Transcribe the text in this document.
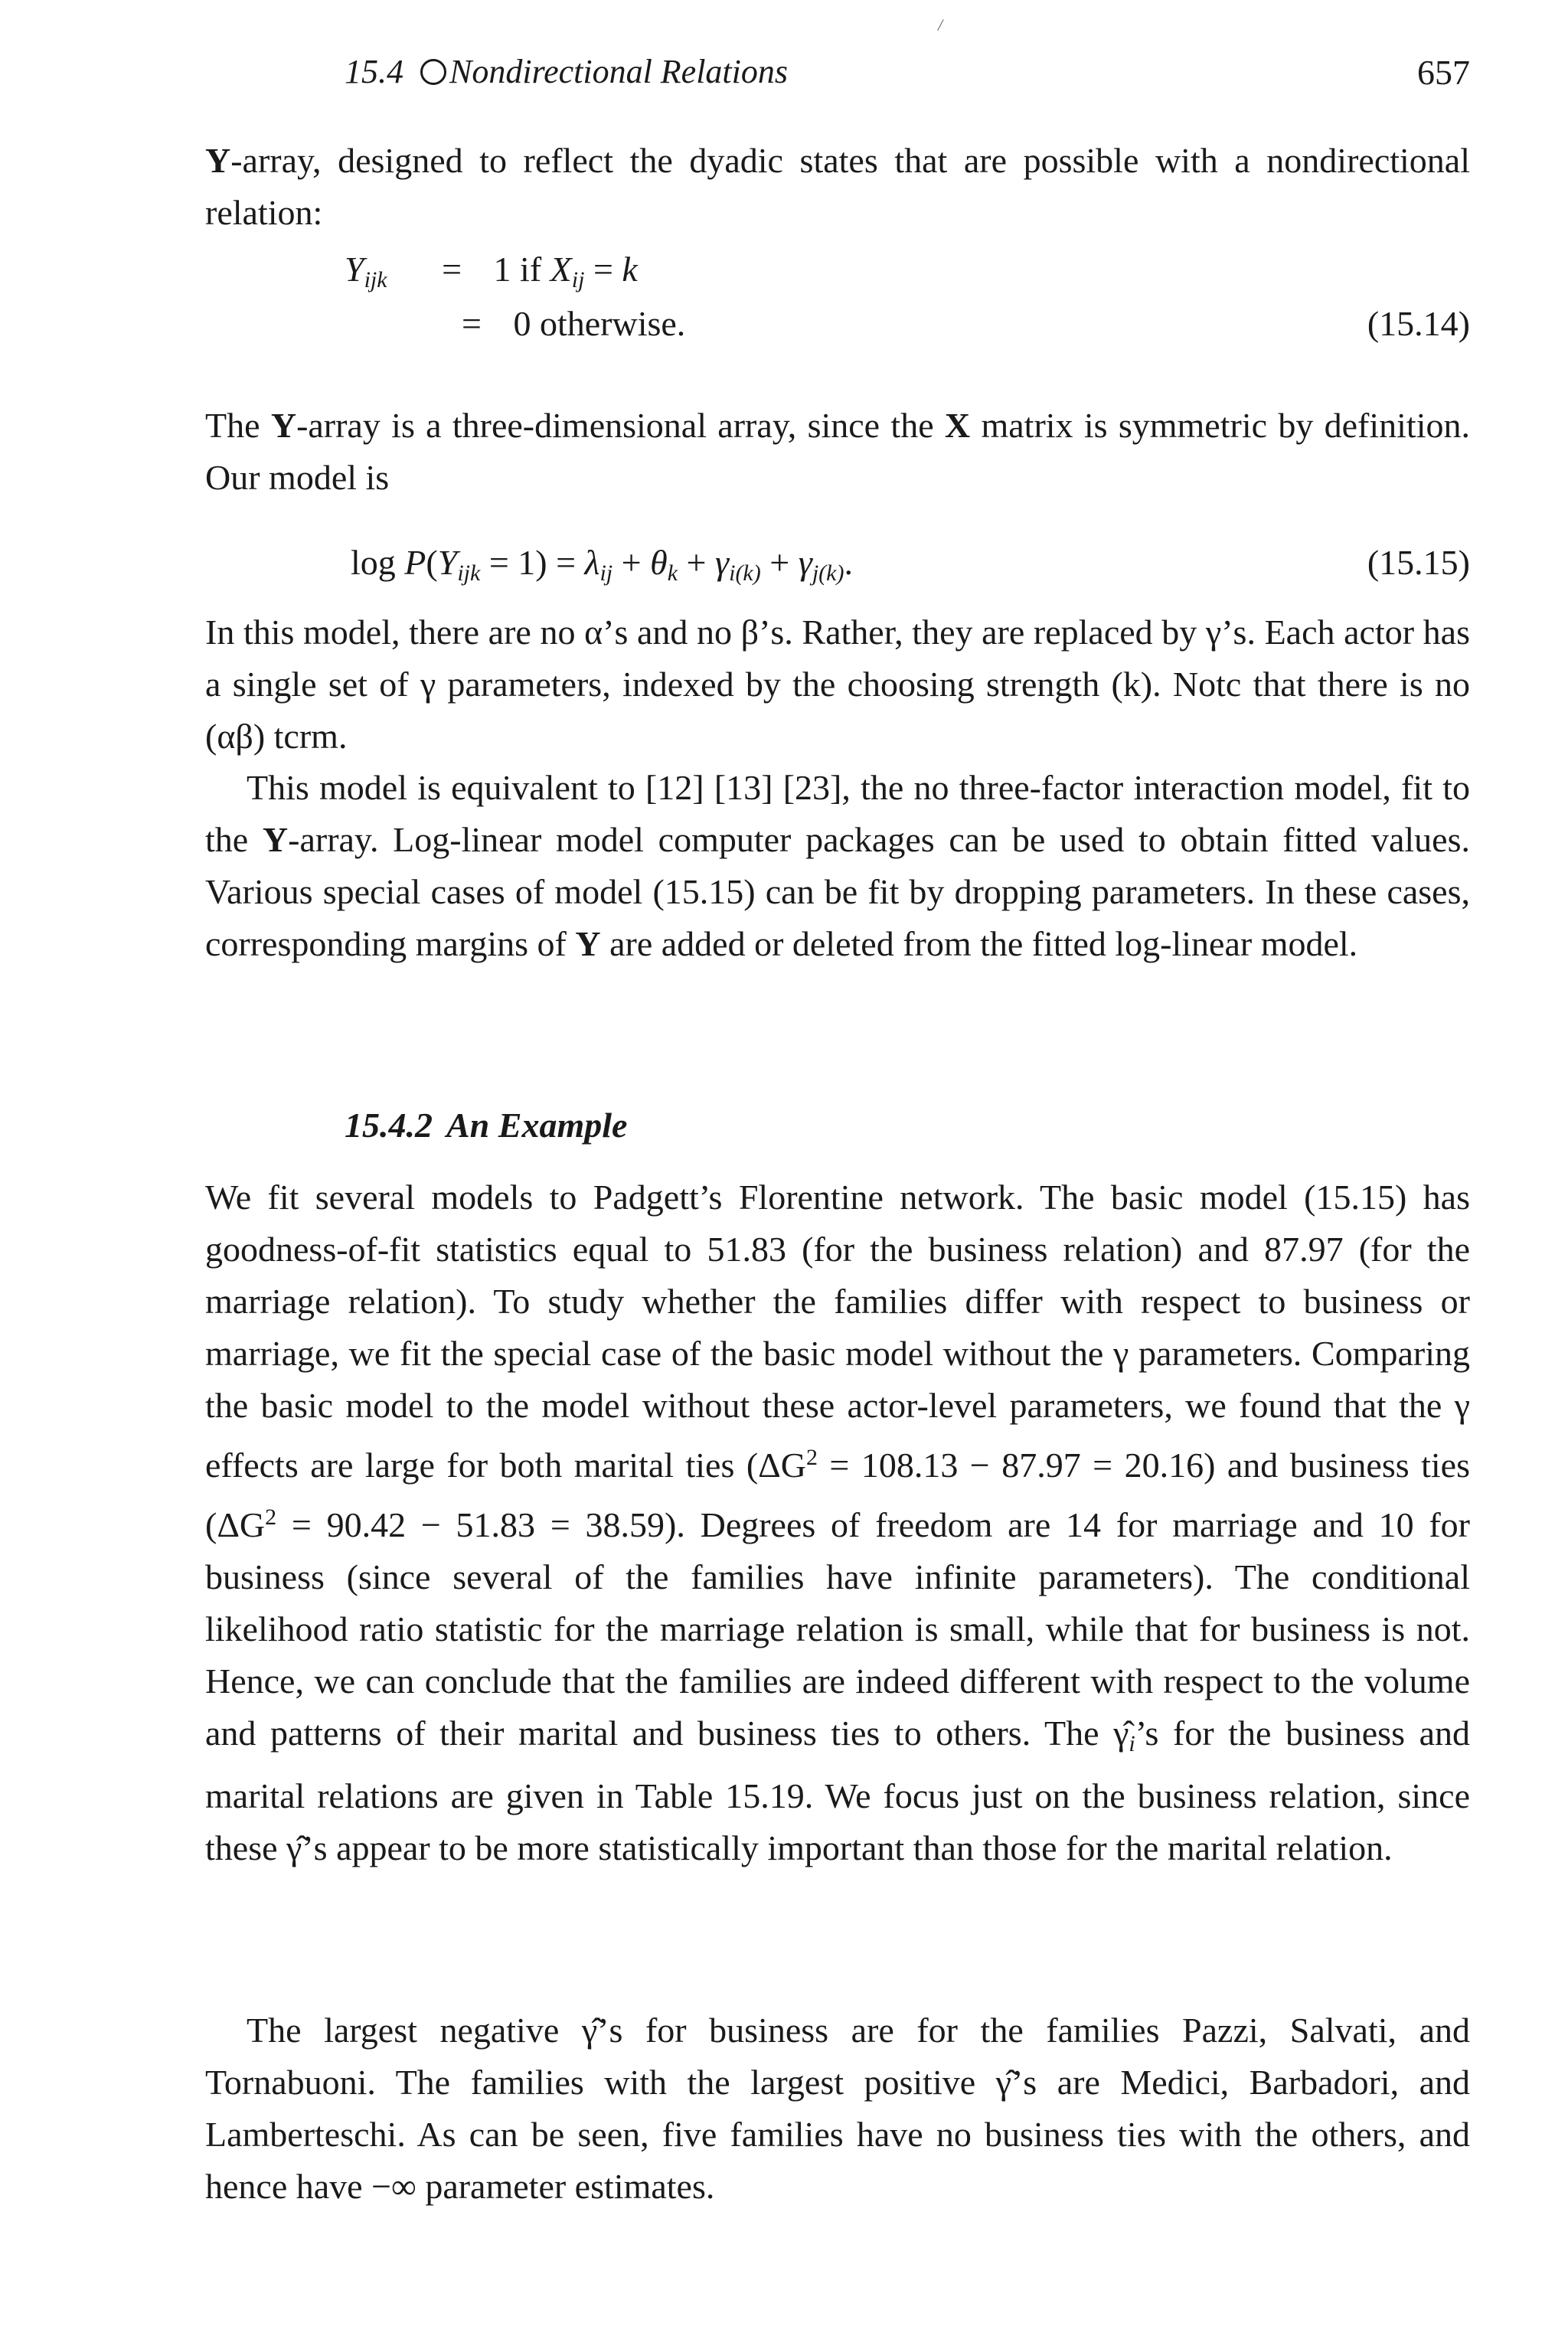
15.4 ○ Nondirectional Relations	657
/

Y-array, designed to reflect the dyadic states that are possible with a nondirectional relation:

$Y_{ijk} = 1$ if $X_{ij} = k$
= 0 otherwise.	(15.14)

The Y-array is a three-dimensional array, since the X matrix is symmetric by definition. Our model is

$\log P(Y_{ijk} = 1) = \lambda_{ij} + \theta_k + \gamma_{i(k)} + \gamma_{j(k)}$.	(15.15)

In this model, there are no α’s and no β’s. Rather, they are replaced by γ’s. Each actor has a single set of γ parameters, indexed by the choosing strength (k). Notc that there is no (αβ) tcrm.

This model is equivalent to [12] [13] [23], the no three-factor interaction model, fit to the Y-array. Log-linear model computer packages can be used to obtain fitted values. Various special cases of model (15.15) can be fit by dropping parameters. In these cases, corresponding margins of Y are added or deleted from the fitted log-linear model.

15.4.2 An Example

We fit several models to Padgett’s Florentine network. The basic model (15.15) has goodness-of-fit statistics equal to 51.83 (for the business relation) and 87.97 (for the marriage relation). To study whether the families differ with respect to business or marriage, we fit the special case of the basic model without the γ parameters. Comparing the basic model to the model without these actor-level parameters, we found that the γ effects are large for both marital ties $(\Delta G^2 = 108.13 - 87.97 = 20.16)$ and business ties $(\Delta G^2 = 90.42 - 51.83 = 38.59)$. Degrees of freedom are 14 for marriage and 10 for business (since several of the families have infinite parameters). The conditional likelihood ratio statistic for the marriage relation is small, while that for business is not. Hence, we can conclude that the families are indeed different with respect to the volume and patterns of their marital and business ties to others. The $\gammâ_i’s$ for the business and marital relations are given in Table 15.19. We focus just on the business relation, since these γ̂’s appear to be more statistically important than those for the marital relation.

The largest negative γ̂’s for business are for the families Pazzi, Salvati, and Tornabuoni. The families with the largest positive γ̂’s are Medici, Barbadori, and Lamberteschi. As can be seen, five families have no business ties with the others, and hence have −∞ parameter estimates.
